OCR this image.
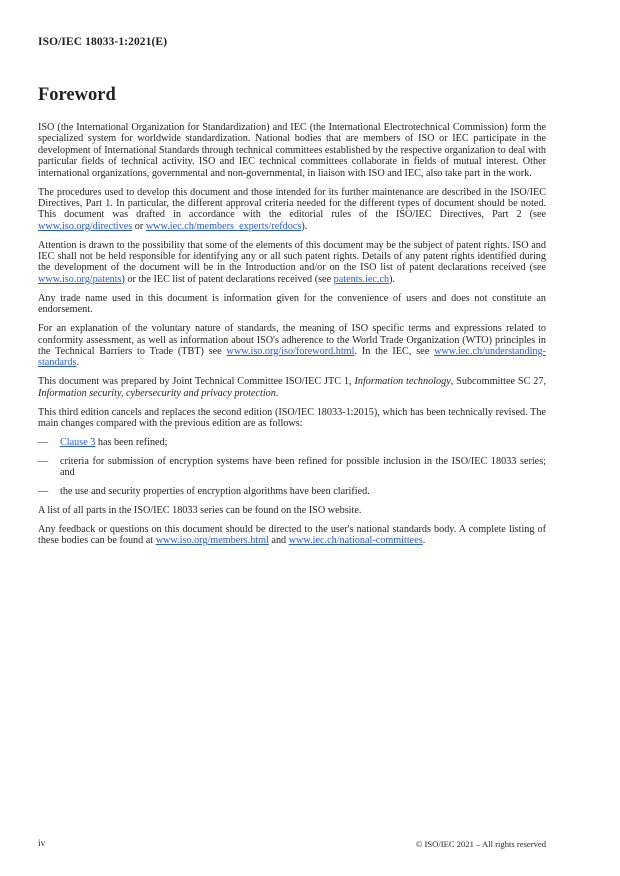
ISO/IEC 18033-1:2021(E)
Foreword

ISO (the International Organization for Standardization) and IEC (the International Electrotechnical Commission) form the specialized system for worldwide standardization. National bodies that are members of ISO or IEC participate in the development of International Standards through technical committees established by the respective organization to deal with particular fields of technical activity. ISO and IEC technical committees collaborate in fields of mutual interest. Other international organizations, governmental and non-governmental, in liaison with ISO and IEC, also take part in the work.

The procedures used to develop this document and those intended for its further maintenance are described in the ISO/IEC Directives, Part 1. In particular, the different approval criteria needed for the different types of document should be noted. This document was drafted in accordance with the editorial rules of the ISO/IEC Directives, Part 2 (see www.iso.org/directives or www.iec.ch/members_experts/refdocs).

Attention is drawn to the possibility that some of the elements of this document may be the subject of patent rights. ISO and IEC shall not be held responsible for identifying any or all such patent rights. Details of any patent rights identified during the development of the document will be in the Introduction and/or on the ISO list of patent declarations received (see www.iso.org/patents) or the IEC list of patent declarations received (see patents.iec.ch).

Any trade name used in this document is information given for the convenience of users and does not constitute an endorsement.

For an explanation of the voluntary nature of standards, the meaning of ISO specific terms and expressions related to conformity assessment, as well as information about ISO's adherence to the World Trade Organization (WTO) principles in the Technical Barriers to Trade (TBT) see www.iso.org/iso/foreword.html. In the IEC, see www.iec.ch/understanding-standards.

This document was prepared by Joint Technical Committee ISO/IEC JTC 1, Information technology, Subcommittee SC 27, Information security, cybersecurity and privacy protection.

This third edition cancels and replaces the second edition (ISO/IEC 18033-1:2015), which has been technically revised. The main changes compared with the previous edition are as follows:

—	Clause 3 has been refined;
—	criteria for submission of encryption systems have been refined for possible inclusion in the ISO/IEC 18033 series; and
—	the use and security properties of encryption algorithms have been clarified.

A list of all parts in the ISO/IEC 18033 series can be found on the ISO website.

Any feedback or questions on this document should be directed to the user's national standards body. A complete listing of these bodies can be found at www.iso.org/members.html and www.iec.ch/national-committees.

iv	© ISO/IEC 2021 – All rights reserved
